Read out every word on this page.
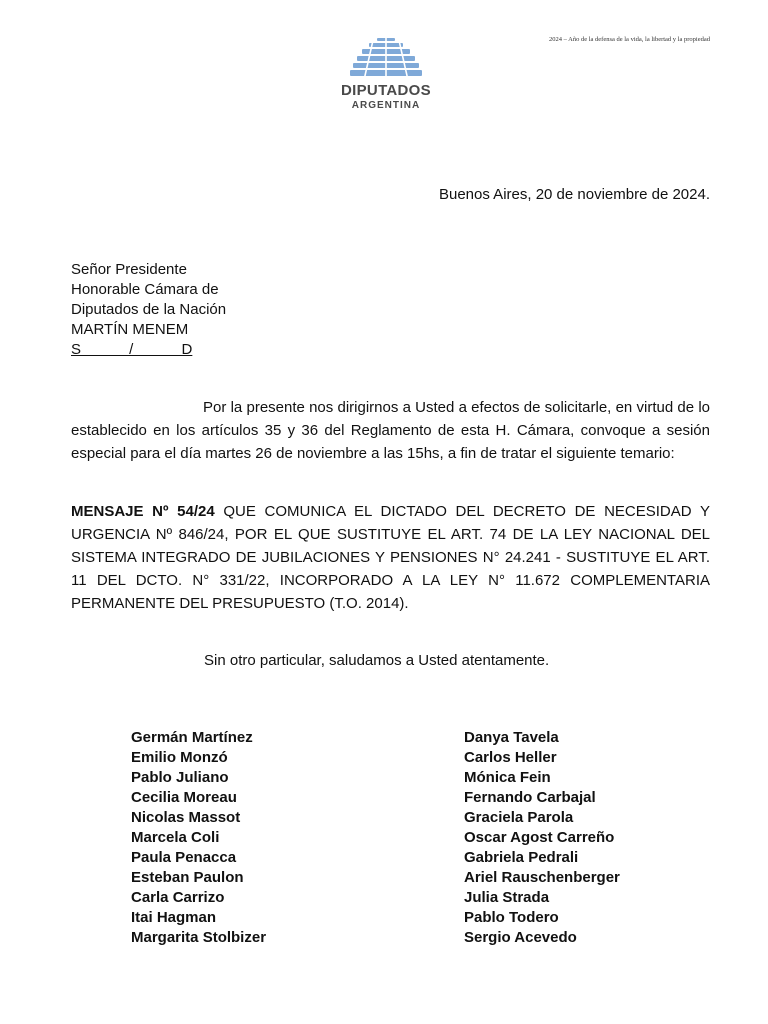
DIPUTADOS
ARGENTINA
2024 – Año de la defensa de la vida, la libertad y la propiedad
Buenos Aires, 20 de noviembre de 2024.
Señor Presidente
Honorable Cámara de
Diputados de la Nación
MARTÍN MENEM
S / D

Por la presente nos dirigirnos a Usted a efectos de solicitarle, en virtud de lo establecido en los artículos 35 y 36 del Reglamento de esta H. Cámara, convoque a sesión especial para el día martes 26 de noviembre a las 15hs, a fin de tratar el siguiente temario:

MENSAJE Nº 54/24 QUE COMUNICA EL DICTADO DEL DECRETO DE NECESIDAD Y URGENCIA Nº 846/24, POR EL QUE SUSTITUYE EL ART. 74 DE LA LEY NACIONAL DEL SISTEMA INTEGRADO DE JUBILACIONES Y PENSIONES N° 24.241 - SUSTITUYE EL ART. 11 DEL DCTO. N° 331/22, INCORPORADO A LA LEY N° 11.672 COMPLEMENTARIA PERMANENTE DEL PRESUPUESTO (T.O. 2014).

Sin otro particular, saludamos a Usted atentamente.
Germán Martínez
Emilio Monzó
Pablo Juliano
Cecilia Moreau
Nicolas Massot
Marcela Coli
Paula Penacca
Esteban Paulon
Carla Carrizo
Itai Hagman
Margarita Stolbizer
Danya Tavela
Carlos Heller
Mónica Fein
Fernando Carbajal
Graciela Parola
Oscar Agost Carreño
Gabriela Pedrali
Ariel Rauschenberger
Julia Strada
Pablo Todero
Sergio Acevedo
